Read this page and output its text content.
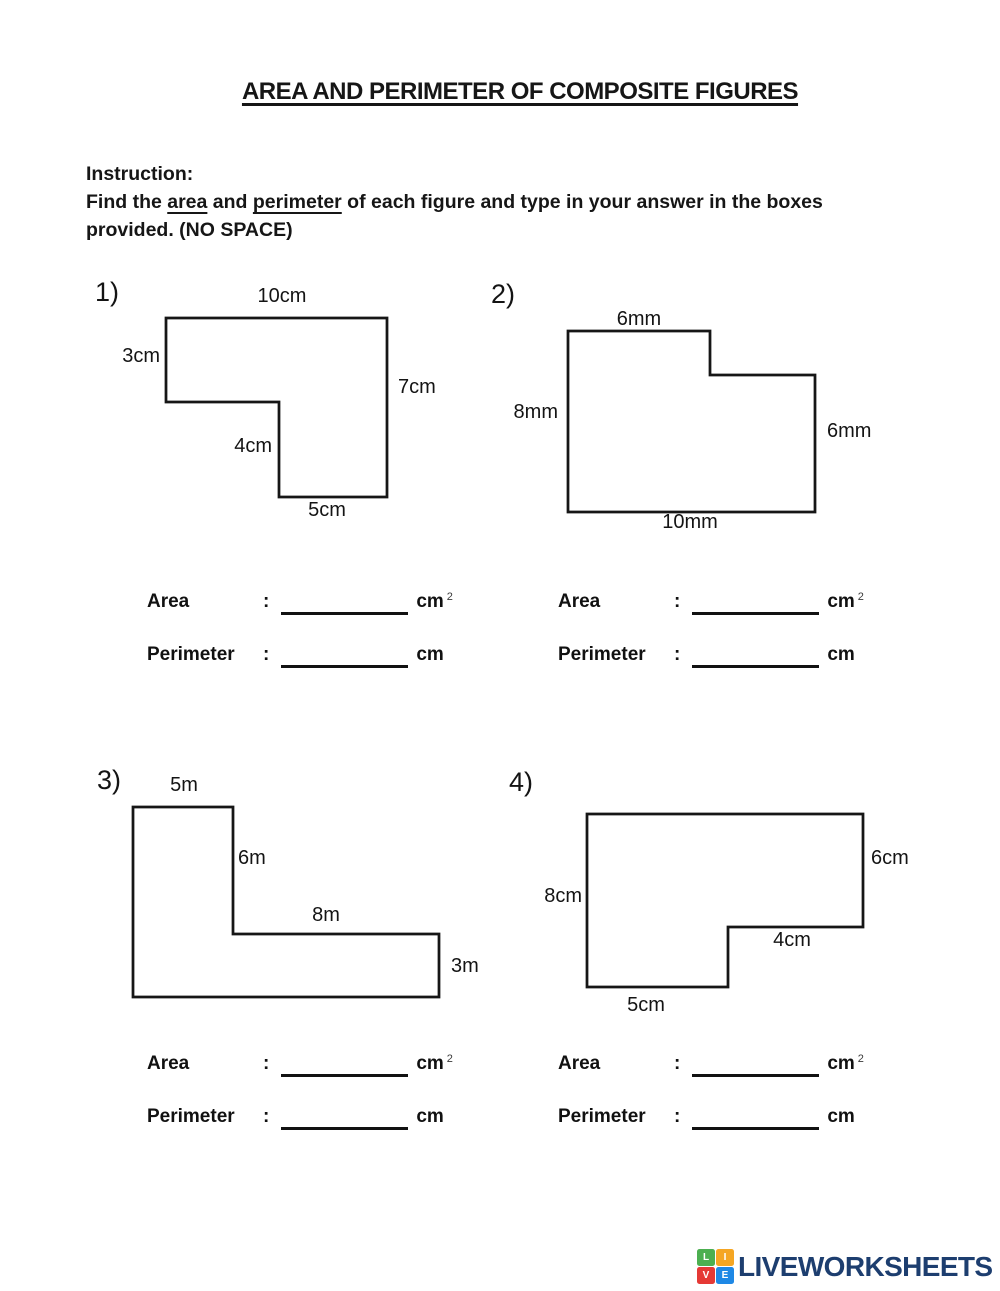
AREA AND PERIMETER OF COMPOSITE FIGURES
Instruction:
Find the area and perimeter of each figure and type in your answer in the boxes
provided. (NO SPACE)
1)	10cm
3cm
7cm
4cm
5cm
2)
6mm
8mm
6mm
10mm
Area	:	cm 2
Perimeter	:	cm
Area	:	cm 2
Perimeter	:	cm
3) 5m
6m
8m
3m
4)
8cm
6cm
4cm
5cm
Area	:	cm 2
Perimeter	:	cm
Area	:	cm 2
Perimeter	:	cm
L	I
V	E LIVEWORKSHEETS
